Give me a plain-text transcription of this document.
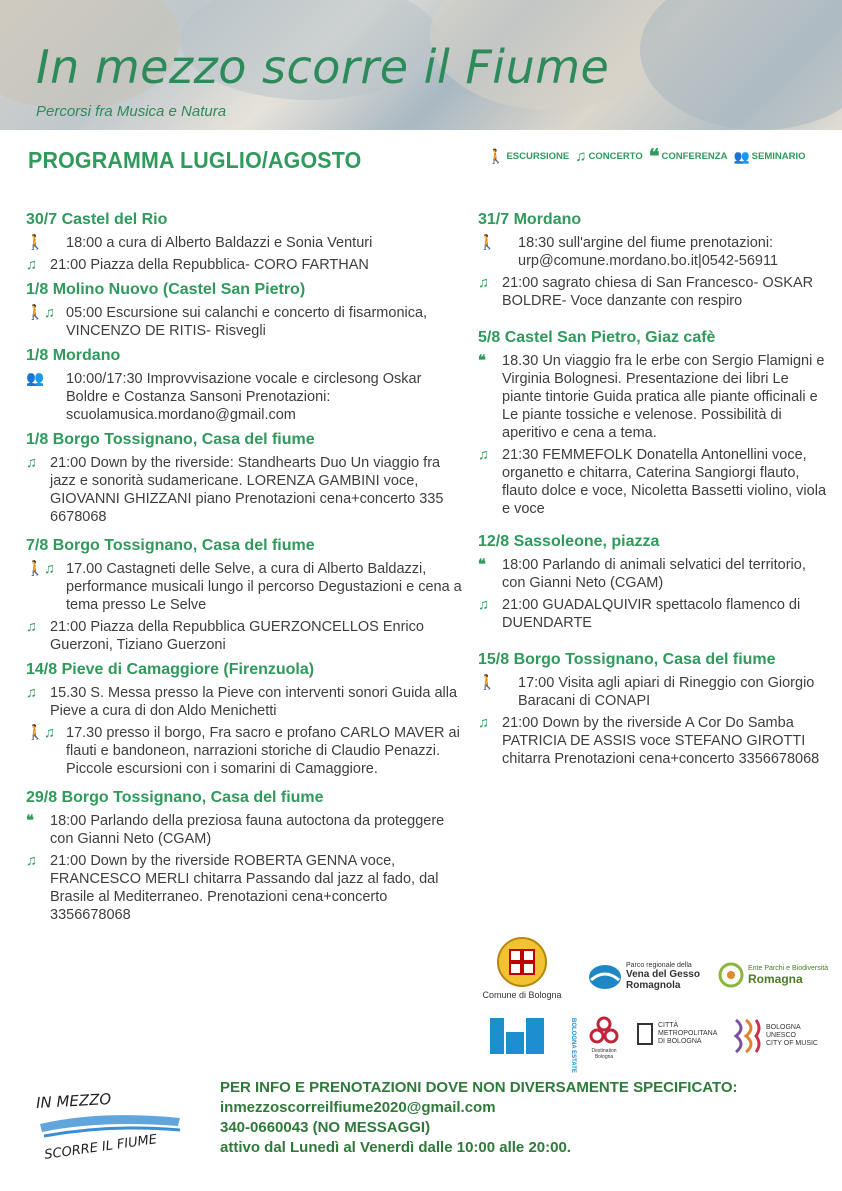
In mezzo scorre il Fiume
Percorsi fra Musica e Natura
PROGRAMMA LUGLIO/AGOSTO	🚶 ESCURSIONE ♫ CONCERTO ❝ CONFERENZA 👥 SEMINARIO
30/7 Castel del Rio
🚶	18:00 a cura di Alberto Baldazzi e Sonia Venturi
♫ 21:00 Piazza della Repubblica- CORO FARTHAN
1/8 Molino Nuovo (Castel San Pietro)
🚶♫ 05:00 Escursione sui calanchi e concerto di fisarmonica, VINCENZO DE RITIS- Risvegli
1/8 Mordano
👥	10:00/17:30 Improvvisazione vocale e circlesong Oskar Boldre e Costanza Sansoni Prenotazioni: scuolamusica.mordano@gmail.com
1/8 Borgo Tossignano, Casa del fiume
♫ 21:00 Down by the riverside: Standhearts Duo Un viaggio fra jazz e sonorità sudamericane. LORENZA GAMBINI voce, GIOVANNI GHIZZANI piano Prenotazioni cena+concerto 335 6678068
7/8 Borgo Tossignano, Casa del fiume
🚶♫ 17.00 Castagneti delle Selve, a cura di Alberto Baldazzi, performance musicali lungo il percorso Degustazioni e cena a tema presso Le Selve
♫ 21:00 Piazza della Repubblica GUERZONCELLOS Enrico Guerzoni, Tiziano Guerzoni
14/8 Pieve di Camaggiore (Firenzuola)
♫ 15.30 S. Messa presso la Pieve con interventi sonori Guida alla Pieve a cura di don Aldo Menichetti
🚶♫ 17.30 presso il borgo, Fra sacro e profano CARLO MAVER ai flauti e bandoneon, narrazioni storiche di Claudio Penazzi. Piccole escursioni con i somarini di Camaggiore.
29/8 Borgo Tossignano, Casa del fiume
❝	18:00 Parlando della preziosa fauna autoctona da proteggere con Gianni Neto (CGAM)
♫ 21:00 Down by the riverside ROBERTA GENNA voce, FRANCESCO MERLI chitarra Passando dal jazz al fado, dal Brasile al Mediterraneo. Prenotazioni cena+concerto 3356678068
31/7 Mordano
🚶	18:30 sull'argine del fiume prenotazioni: urp@comune.mordano.bo.it|0542-56911
♫ 21:00 sagrato chiesa di San Francesco- OSKAR BOLDRE- Voce danzante con respiro
5/8 Castel San Pietro, Giaz cafè
❝	18.30 Un viaggio fra le erbe con Sergio Flamigni e Virginia Bolognesi. Presentazione dei libri Le piante tintorie Guida pratica alle piante officinali e Le piante tossiche e velenose. Possibilità di aperitivo e cena a tema.
♫ 21:30 FEMMEFOLK Donatella Antonellini voce, organetto e chitarra, Caterina Sangiorgi flauto, flauto dolce e voce, Nicoletta Bassetti violino, viola e voce
12/8 Sassoleone, piazza
❝	18:00 Parlando di animali selvatici del territorio, con Gianni Neto (CGAM)
♫ 21:00 GUADALQUIVIR spettacolo flamenco di DUENDARTE
15/8 Borgo Tossignano, Casa del fiume
🚶	17:00 Visita agli apiari di Rineggio con Giorgio Baracani di CONAPI
♫ 21:00 Down by the riverside A Cor Do Samba PATRICIA DE ASSIS voce STEFANO GIROTTI chitarra Prenotazioni cena+concerto 3356678068
Comune di Bologna
Parco regionale della
Vena del Gesso
Romagnola
Ente Parchi e Biodiversità
Romagna
BOLOGNA ESTATE	Destination Bologna
CITTÀ
METROPOLITANA
DI BOLOGNA
BOLOGNA
UNESCO
CITY OF MUSIC
IN MEZZO
SCORRE IL FIUME
PER INFO E PRENOTAZIONI DOVE NON DIVERSAMENTE SPECIFICATO:
inmezzoscorreilfiume2020@gmail.com
340-0660043 (NO MESSAGGI)
attivo dal Lunedì al Venerdì dalle 10:00 alle 20:00.
